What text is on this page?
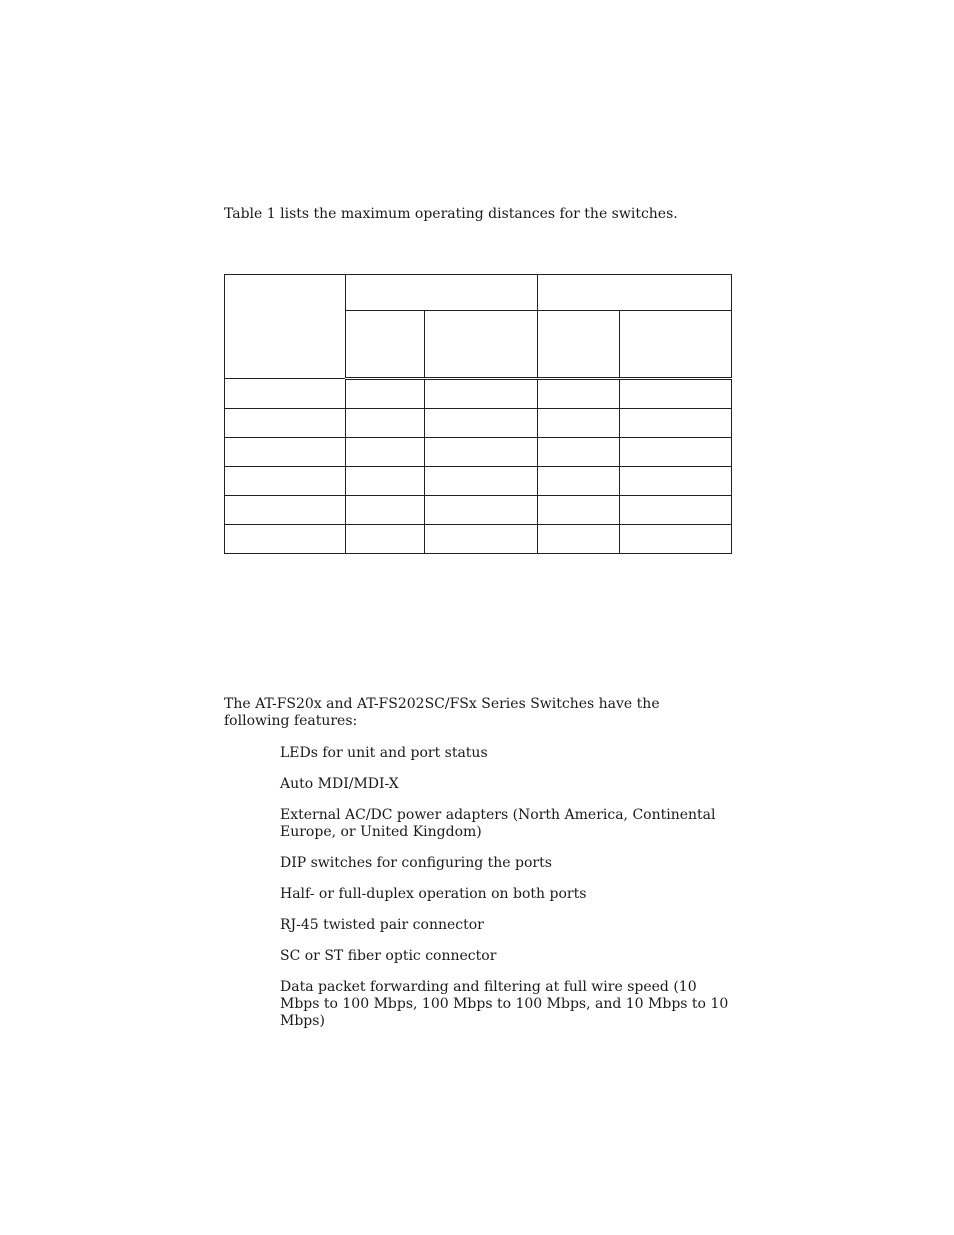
Table 1 lists the maximum operating distances for the switches.

The AT-FS20x and AT-FS202SC/FSx Series Switches have the following features:

LEDs for unit and port status
Auto MDI/MDI-X
External AC/DC power adapters (North America, Continental Europe, or United Kingdom)
DIP switches for configuring the ports
Half- or full-duplex operation on both ports
RJ-45 twisted pair connector
SC or ST fiber optic connector
Data packet forwarding and filtering at full wire speed (10 Mbps to 100 Mbps, 100 Mbps to 100 Mbps, and 10 Mbps to 10 Mbps)
